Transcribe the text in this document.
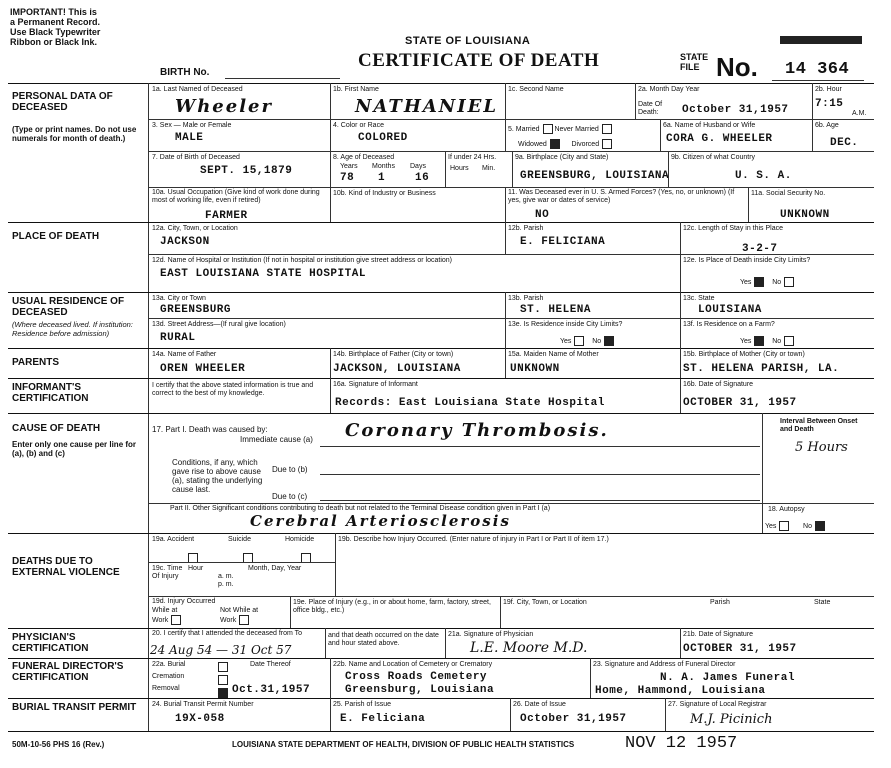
IMPORTANT! This is
a Permanent Record.
Use Black Typewriter
Ribbon or Black Ink.	STATE OF LOUISIANA
CERTIFICATE OF DEATH
BIRTH No.
STATE FILE No. 14 364
PERSONAL DATA OF DECEASED
(Type or print names. Do not use numerals for month of death.)
1a. Last Named of Deceased
Wheeler
1b. First Name
NATHANIEL
1c. Second Name	2a. Month Day Year
Date Of Death:	October 31,1957
2b. Hour
7:15
A.M.
3. Sex — Male or Female
MALE
4. Color or Race
COLORED
5. Married Never Married
Widowed	Divorced
6a. Name of Husband or Wife
CORA G. WHEELER
6b. Age
DEC.
7. Date of Birth of Deceased
SEPT. 15,1879
8. Age of Deceased
Years Months Days
78 1	16
If under 24 Hrs.
Hours Min.
9a. Birthplace (City and State)
GREENSBURG, LOUISIANA
9b. Citizen of what Country
U. S. A.
10a. Usual Occupation (Give kind of work done during most of working life, even if retired)
FARMER
10b. Kind of Industry or Business	11. Was Deceased ever in U. S. Armed Forces? (Yes, no, or unknown) (If yes, give war or dates of service)
NO
11a. Social Security No.
UNKNOWN
PLACE OF DEATH
12a. City, Town, or Location
JACKSON
12b. Parish
E. FELICIANA
12c. Length of Stay in this Place
3-2-7
12d. Name of Hospital or Institution (If not in hospital or institution give street address or location)
EAST LOUISIANA STATE HOSPITAL
12e. Is Place of Death inside City Limits?
Yes	No
USUAL RESIDENCE OF DECEASED
(Where deceased lived. If institution: Residence before admission)
13a. City or Town
GREENSBURG
13b. Parish
ST. HELENA
13c. State
LOUISIANA
13d. Street Address—(If rural give location)
RURAL
13e. Is Residence inside City Limits?
Yes	No
13f. Is Residence on a Farm?
Yes	No
PARENTS
14a. Name of Father
OREN WHEELER
14b. Birthplace of Father (City or town)
JACKSON, LOUISIANA
15a. Maiden Name of Mother
UNKNOWN
15b. Birthplace of Mother (City or town)
ST. HELENA PARISH, LA.
INFORMANT'S CERTIFICATION
I certify that the above stated information is true and correct to the best of my knowledge.
16a. Signature of Informant
Records: East Louisiana State Hospital
16b. Date of Signature
OCTOBER 31, 1957
CAUSE OF DEATH
Enter only one cause per line for (a), (b) and (c)
17. Part I. Death was caused by:
Immediate cause (a) Coronary Thrombosis.
Conditions, if any, which gave rise to above cause (a), stating the underlying cause last.
Due to (b)
Due to (c)
Interval Between Onset and Death
5 Hours
Part II. Other Significant conditions contributing to death but not related to the Terminal Disease condition given in Part I (a)
Cerebral Arteriosclerosis
18. Autopsy
Yes	No
DEATHS DUE TO EXTERNAL VIOLENCE
19a. Accident	Suicide	Homicide	19b. Describe how Injury Occurred. (Enter nature of injury in Part I or Part II of item 17.)
19c. Time Of Injury
Hour
a. m.
p. m.
Month, Day, Year
19d. Injury Occurred
While at Work
Not While at Work
19e. Place of Injury (e.g., in or about home, farm, factory, street, office bldg., etc.)
19f. City, Town, or Location	Parish	State
PHYSICIAN'S CERTIFICATION
20. I certify that I attended the deceased from To
24 Aug 54 — 31 Oct 57
and that death occurred on the date and hour stated above.
21a. Signature of Physician
L.E. Moore M.D.
21b. Date of Signature
OCTOBER 31, 1957
FUNERAL DIRECTOR'S CERTIFICATION
22a. Burial
Cremation
Removal
Date Thereof
Oct.31,1957
22b. Name and Location of Cemetery or Crematory
Cross Roads Cemetery
Greensburg, Louisiana
23. Signature and Address of Funeral Director
N. A. James Funeral
Home, Hammond, Louisiana
BURIAL TRANSIT PERMIT	24. Burial Transit Permit Number
19X-058
25. Parish of Issue
E. Feliciana
26. Date of Issue
October 31,1957
27. Signature of Local Registrar
M.J. Picinich
50M-10-56 PHS 16 (Rev.)	LOUISIANA STATE DEPARTMENT OF HEALTH, DIVISION OF PUBLIC HEALTH STATISTICS	NOV 12 1957
